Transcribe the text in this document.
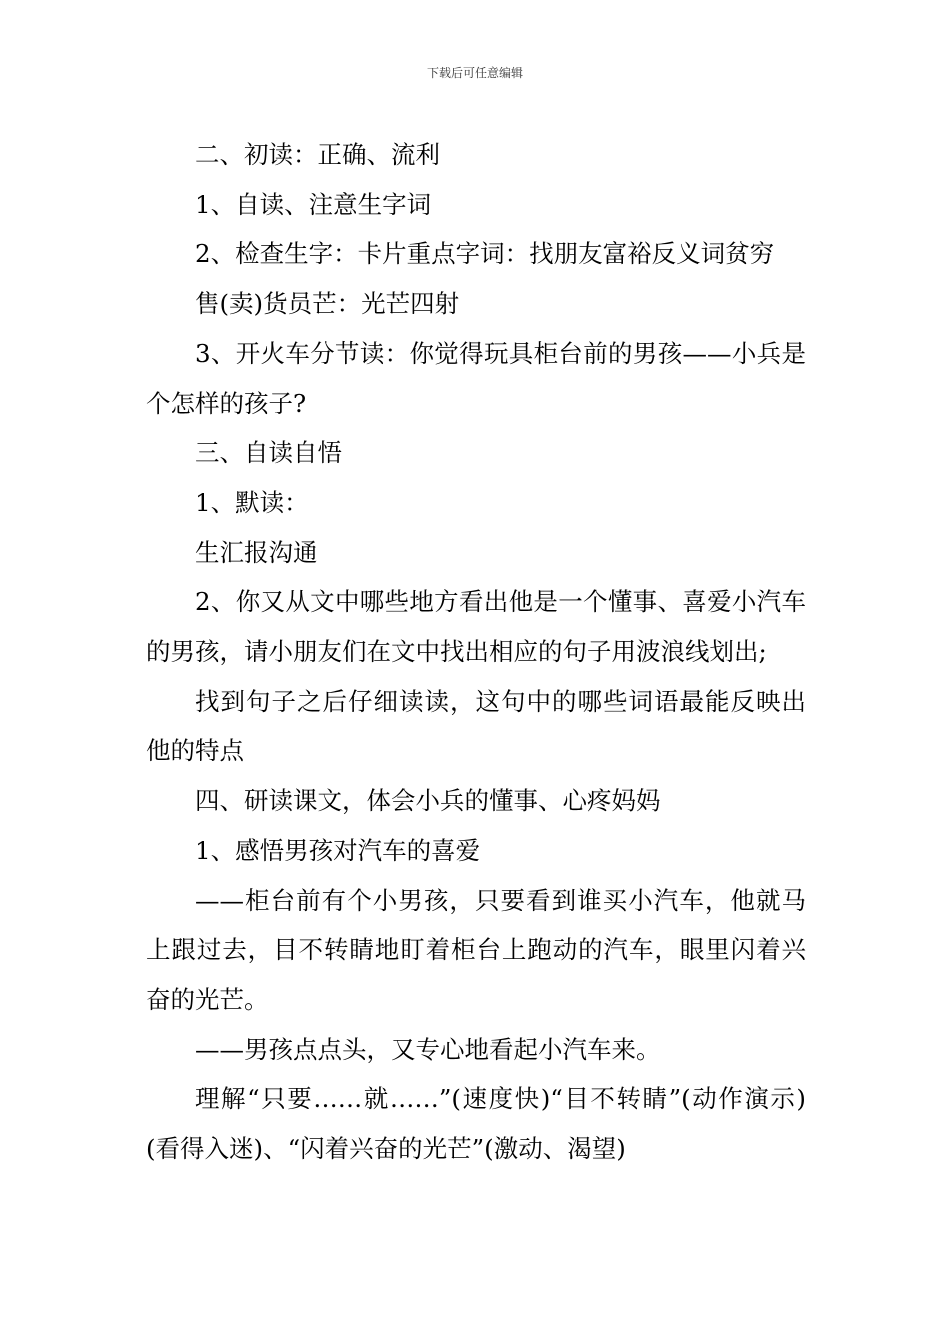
下载后可任意编辑

二、初读：正确、流利

1、自读、注意生字词

2、检查生字：卡片重点字词：找朋友富裕反义词贫穷

售(卖)货员芒：光芒四射

3、开火车分节读：你觉得玩具柜台前的男孩——小兵是个怎样的孩子?

三、自读自悟

1、默读：

生汇报沟通

2、你又从文中哪些地方看出他是一个懂事、喜爱小汽车的男孩，请小朋友们在文中找出相应的句子用波浪线划出;

找到句子之后仔细读读，这句中的哪些词语最能反映出他的特点

四、研读课文，体会小兵的懂事、心疼妈妈

1、感悟男孩对汽车的喜爱

——柜台前有个小男孩，只要看到谁买小汽车，他就马上跟过去，目不转睛地盯着柜台上跑动的汽车，眼里闪着兴奋的光芒。

——男孩点点头，又专心地看起小汽车来。

理解“只要……就……”(速度快)“目不转睛”(动作演示)(看得入迷)、“闪着兴奋的光芒”(激动、渴望)
